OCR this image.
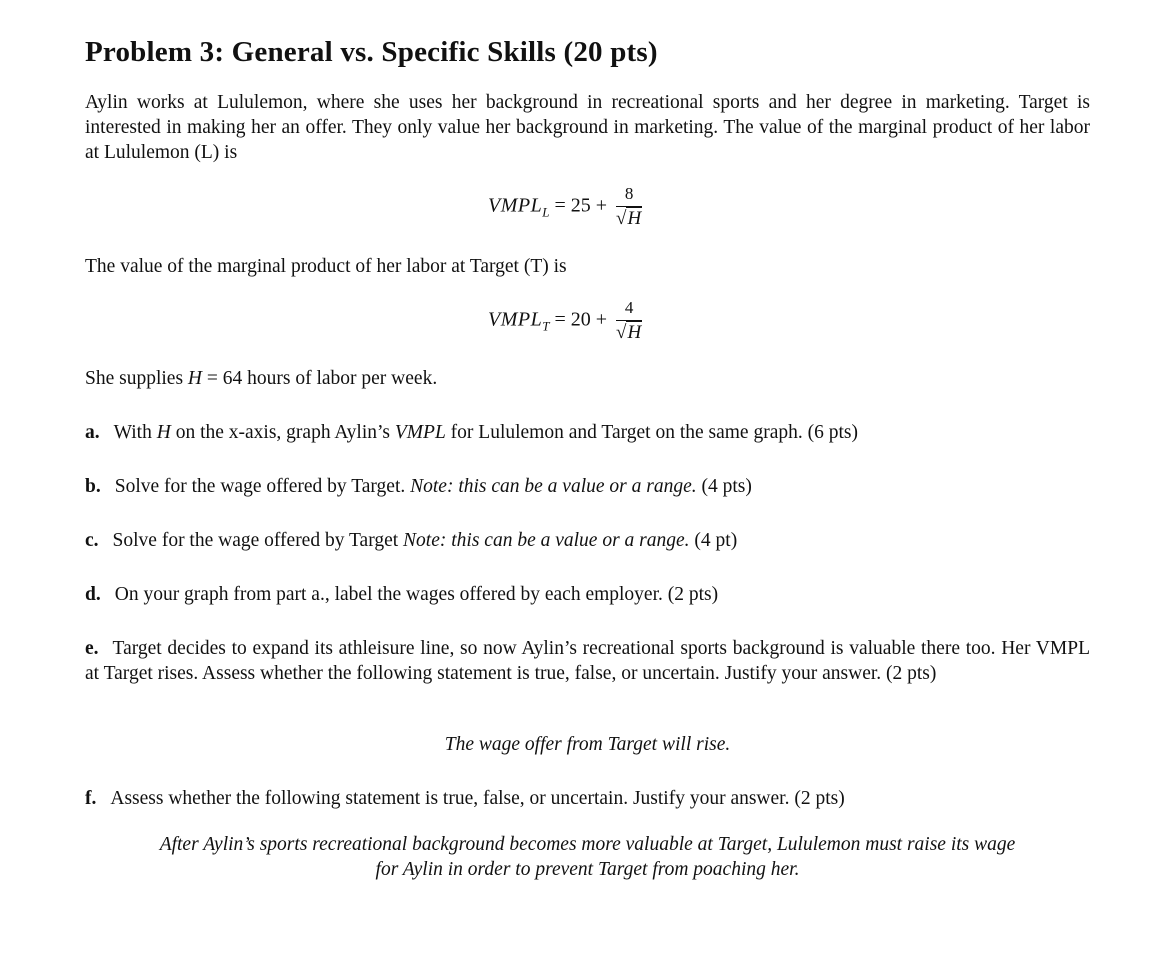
Problem 3: General vs. Specific Skills (20 pts)
Aylin works at Lululemon, where she uses her background in recreational sports and her degree in marketing. Target is interested in making her an offer. They only value her background in marketing. The value of the marginal product of her labor at Lululemon (L) is
$VMPL_L = 25 + \frac{8}{√H}$
The value of the marginal product of her labor at Target (T) is
$VMPL_T = 20 + \frac{4}{√H}$
She supplies H = 64 hours of labor per week.
a. With H on the x-axis, graph Aylin’s VMPL for Lululemon and Target on the same graph. (6 pts)
b. Solve for the wage offered by Target. Note: this can be a value or a range. (4 pts)
c. Solve for the wage offered by Target Note: this can be a value or a range. (4 pt)
d. On your graph from part a., label the wages offered by each employer. (2 pts)
e. Target decides to expand its athleisure line, so now Aylin’s recreational sports background is valuable there too. Her VMPL at Target rises. Assess whether the following statement is true, false, or uncertain. Justify your answer. (2 pts)
The wage offer from Target will rise.
f. Assess whether the following statement is true, false, or uncertain. Justify your answer. (2 pts)
After Aylin’s sports recreational background becomes more valuable at Target, Lululemon must raise its wage
for Aylin in order to prevent Target from poaching her.
